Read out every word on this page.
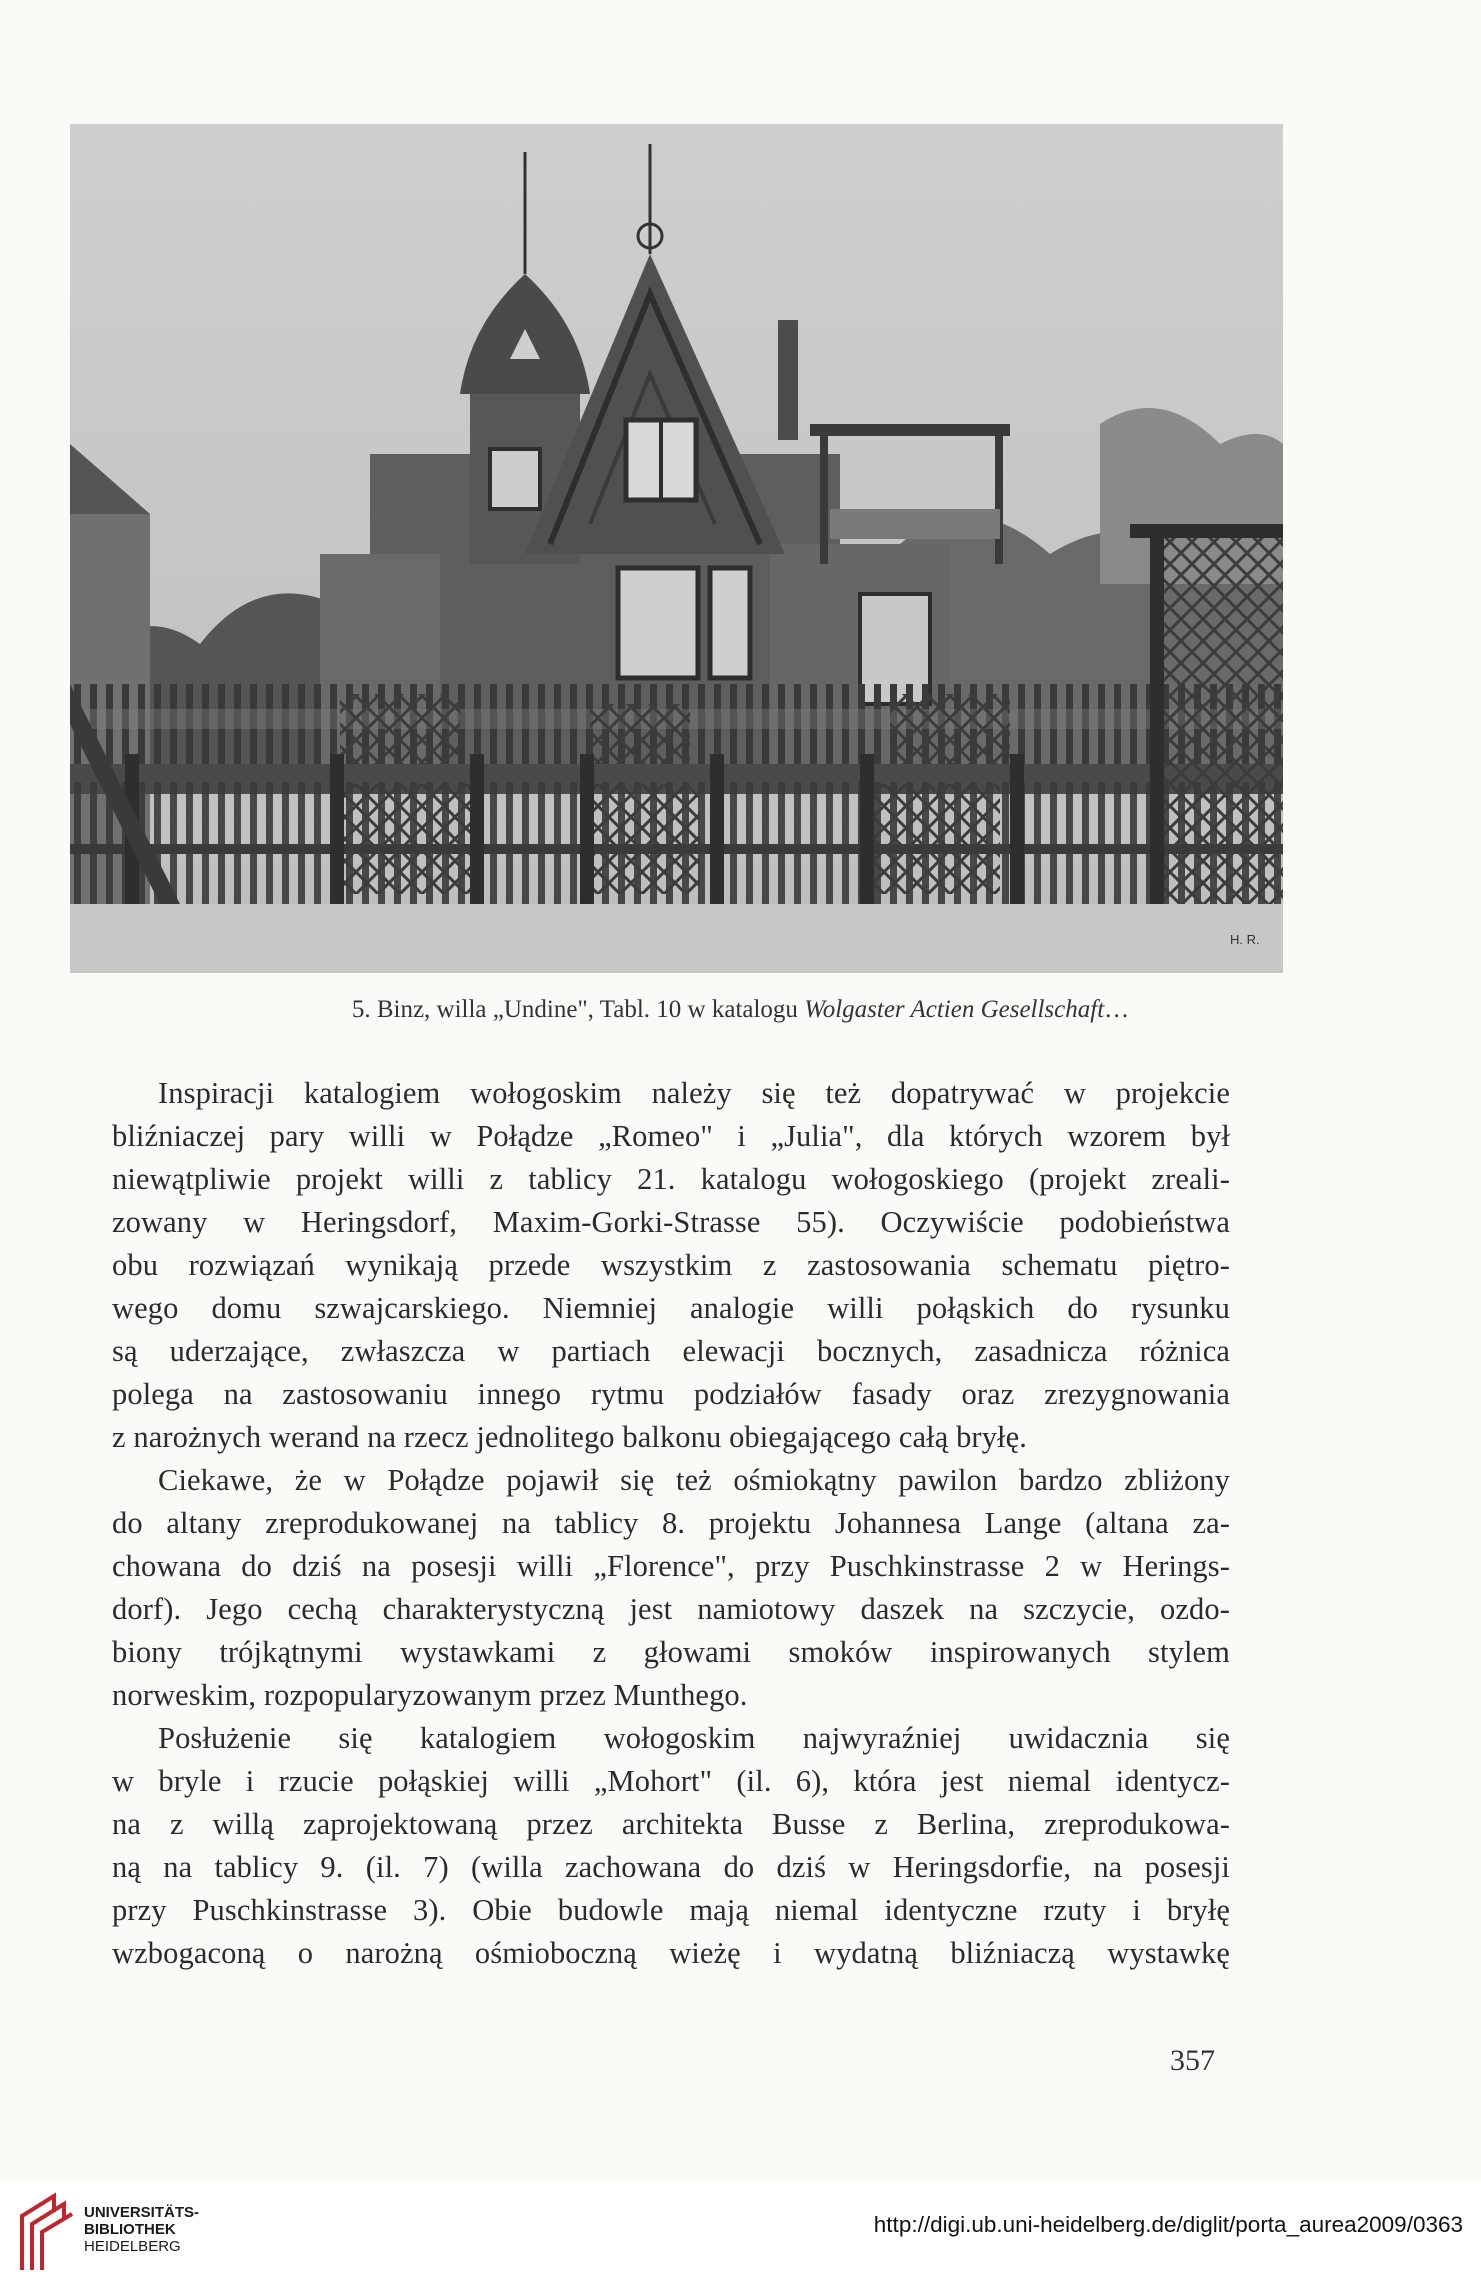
H. R.
5. Binz, willa „Undine", Tabl. 10 w katalogu Wolgaster Actien Gesellschaft…

Inspiracji katalogiem wołogoskim należy się też dopatrywać w projekcie
bliźniaczej pary willi w Połądze „Romeo" i „Julia", dla których wzorem był
niewątpliwie projekt willi z tablicy 21. katalogu wołogoskiego (projekt zreali-
zowany w Heringsdorf, Maxim-Gorki-Strasse 55). Oczywiście podobieństwa
obu rozwiązań wynikają przede wszystkim z zastosowania schematu piętro-
wego domu szwajcarskiego. Niemniej analogie willi połąskich do rysunku
są uderzające, zwłaszcza w partiach elewacji bocznych, zasadnicza różnica
polega na zastosowaniu innego rytmu podziałów fasady oraz zrezygnowania
z narożnych werand na rzecz jednolitego balkonu obiegającego całą bryłę.

Ciekawe, że w Połądze pojawił się też ośmiokątny pawilon bardzo zbliżony
do altany zreprodukowanej na tablicy 8. projektu Johannesa Lange (altana za-
chowana do dziś na posesji willi „Florence", przy Puschkinstrasse 2 w Herings-
dorf). Jego cechą charakterystyczną jest namiotowy daszek na szczycie, ozdo-
biony trójkątnymi wystawkami z głowami smoków inspirowanych stylem
norweskim, rozpopularyzowanym przez Munthego.

Posłużenie się katalogiem wołogoskim najwyraźniej uwidacznia się
w bryle i rzucie połąskiej willi „Mohort" (il. 6), która jest niemal identycz-
na z willą zaprojektowaną przez architekta Busse z Berlina, zreprodukowa-
ną na tablicy 9. (il. 7) (willa zachowana do dziś w Heringsdorfie, na posesji
przy Puschkinstrasse 3). Obie budowle mają niemal identyczne rzuty i bryłę
wzbogaconą o narożną ośmioboczną wieżę i wydatną bliźniaczą wystawkę

357
UNIVERSITÄTS-
BIBLIOTHEK
HEIDELBERG
http://digi.ub.uni-heidelberg.de/diglit/porta_aurea2009/0363
